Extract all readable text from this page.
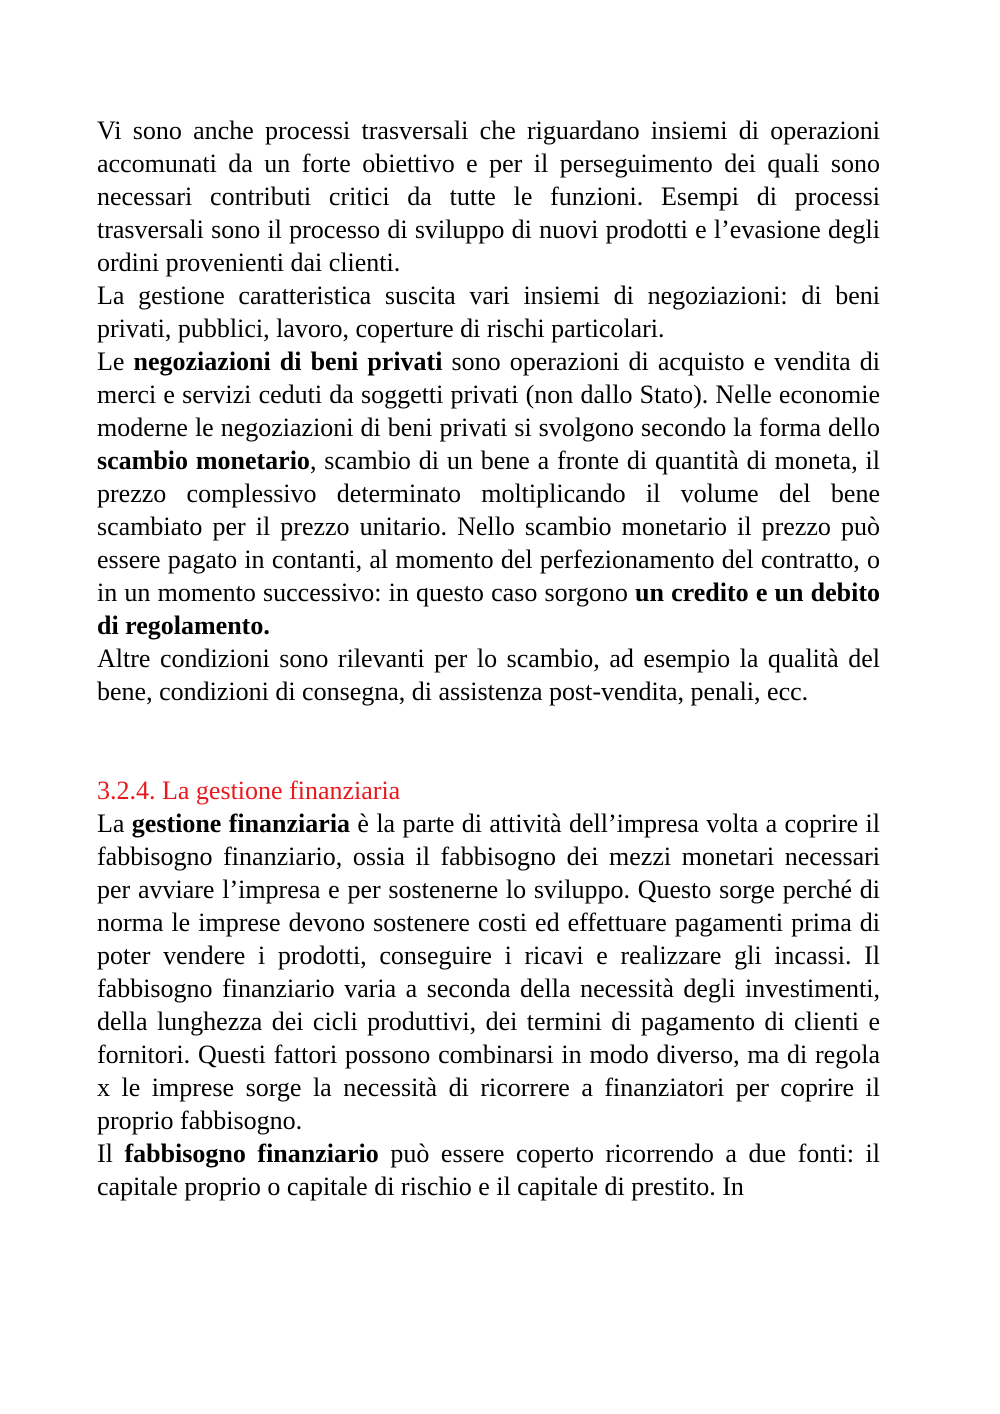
Vi sono anche processi trasversali che riguardano insiemi di operazioni accomunati da un forte obiettivo e per il perseguimento dei quali sono necessari contributi critici da tutte le funzioni. Esempi di processi trasversali sono il processo di sviluppo di nuovi prodotti e l’evasione degli ordini provenienti dai clienti.

La gestione caratteristica suscita vari insiemi di negoziazioni: di beni privati, pubblici, lavoro, coperture di rischi particolari.

Le negoziazioni di beni privati sono operazioni di acquisto e vendita di merci e servizi ceduti da soggetti privati (non dallo Stato). Nelle economie moderne le negoziazioni di beni privati si svolgono secondo la forma dello scambio monetario, scambio di un bene a fronte di quantità di moneta, il prezzo complessivo determinato moltiplicando il volume del bene scambiato per il prezzo unitario. Nello scambio monetario il prezzo può essere pagato in contanti, al momento del perfezionamento del contratto, o in un momento successivo: in questo caso sorgono un credito e un debito di regolamento.

Altre condizioni sono rilevanti per lo scambio, ad esempio la qualità del bene, condizioni di consegna, di assistenza post-vendita, penali, ecc.

3.2.4. La gestione finanziaria

La gestione finanziaria è la parte di attività dell’impresa volta a coprire il fabbisogno finanziario, ossia il fabbisogno dei mezzi monetari necessari per avviare l’impresa e per sostenerne lo sviluppo. Questo sorge perché di norma le imprese devono sostenere costi ed effettuare pagamenti prima di poter vendere i prodotti, conseguire i ricavi e realizzare gli incassi. Il fabbisogno finanziario varia a seconda della necessità degli investimenti, della lunghezza dei cicli produttivi, dei termini di pagamento di clienti e fornitori. Questi fattori possono combinarsi in modo diverso, ma di regola x le imprese sorge la necessità di ricorrere a finanziatori per coprire il proprio fabbisogno.

Il fabbisogno finanziario può essere coperto ricorrendo a due fonti: il capitale proprio o capitale di rischio e il capitale di prestito. In
